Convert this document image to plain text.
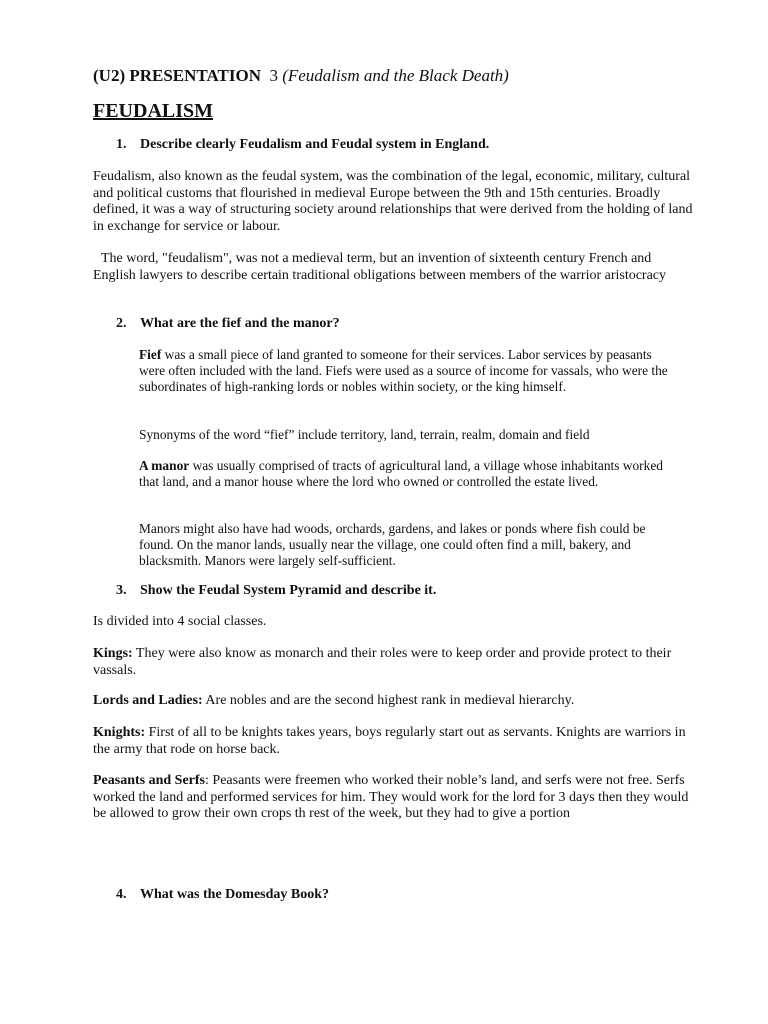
(U2) PRESENTATION 3 (Feudalism and the Black Death)
FEUDALISM
1. Describe clearly Feudalism and Feudal system in England.
Feudalism, also known as the feudal system, was the combination of the legal, economic, military, cultural and political customs that flourished in medieval Europe between the 9th and 15th centuries. Broadly defined, it was a way of structuring society around relationships that were derived from the holding of land in exchange for service or labour.
The word, "feudalism", was not a medieval term, but an invention of sixteenth century French and English lawyers to describe certain traditional obligations between members of the warrior aristocracy
2. What are the fief and the manor?
Fief was a small piece of land granted to someone for their services. Labor services by peasants were often included with the land. Fiefs were used as a source of income for vassals, who were the subordinates of high-ranking lords or nobles within society, or the king himself.
Synonyms of the word “fief” include territory, land, terrain, realm, domain and field
A manor was usually comprised of tracts of agricultural land, a village whose inhabitants worked that land, and a manor house where the lord who owned or controlled the estate lived.
Manors might also have had woods, orchards, gardens, and lakes or ponds where fish could be found. On the manor lands, usually near the village, one could often find a mill, bakery, and blacksmith. Manors were largely self-sufficient.
3. Show the Feudal System Pyramid and describe it.
Is divided into 4 social classes.
Kings: They were also know as monarch and their roles were to keep order and provide protect to their vassals.
Lords and Ladies: Are nobles and are the second highest rank in medieval hierarchy.
Knights: First of all to be knights takes years, boys regularly start out as servants. Knights are warriors in the army that rode on horse back.
Peasants and Serfs: Peasants were freemen who worked their noble’s land, and serfs were not free. Serfs worked the land and performed services for him. They would work for the lord for 3 days then they would be allowed to grow their own crops th rest of the week, but they had to give a portion
4. What was the Domesday Book?
